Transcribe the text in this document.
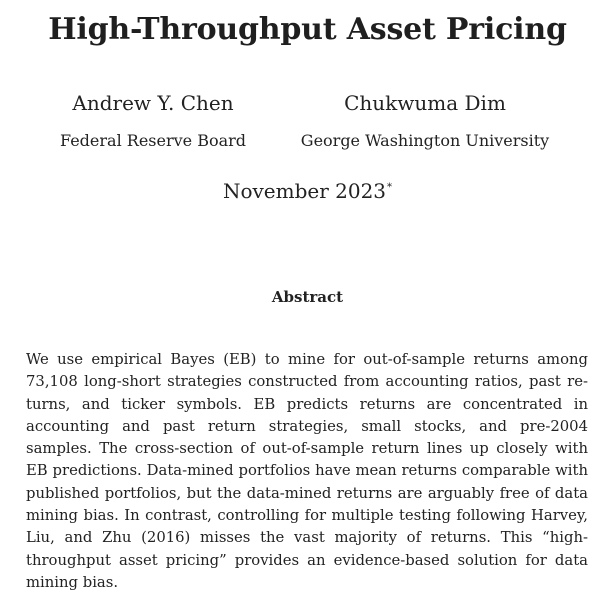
High-Throughput Asset Pricing
Andrew Y. Chen
Federal Reserve Board
Chukwuma Dim
George Washington University
November 2023*
Abstract

We use empirical Bayes (EB) to mine for out-of-sample returns among 73,108 long-short strategies constructed from accounting ratios, past returns, and ticker symbols. EB predicts returns are concentrated in accounting and past return strategies, small stocks, and pre-2004 samples. The cross-section of out-of-sample return lines up closely with EB predictions. Data-mined portfolios have mean returns comparable with published portfolios, but the data-mined returns are arguably free of data mining bias. In contrast, controlling for multiple testing following Harvey, Liu, and Zhu (2016) misses the vast majority of returns. This “high-throughput asset pricing” provides an evidence-based solution for data mining bias.
